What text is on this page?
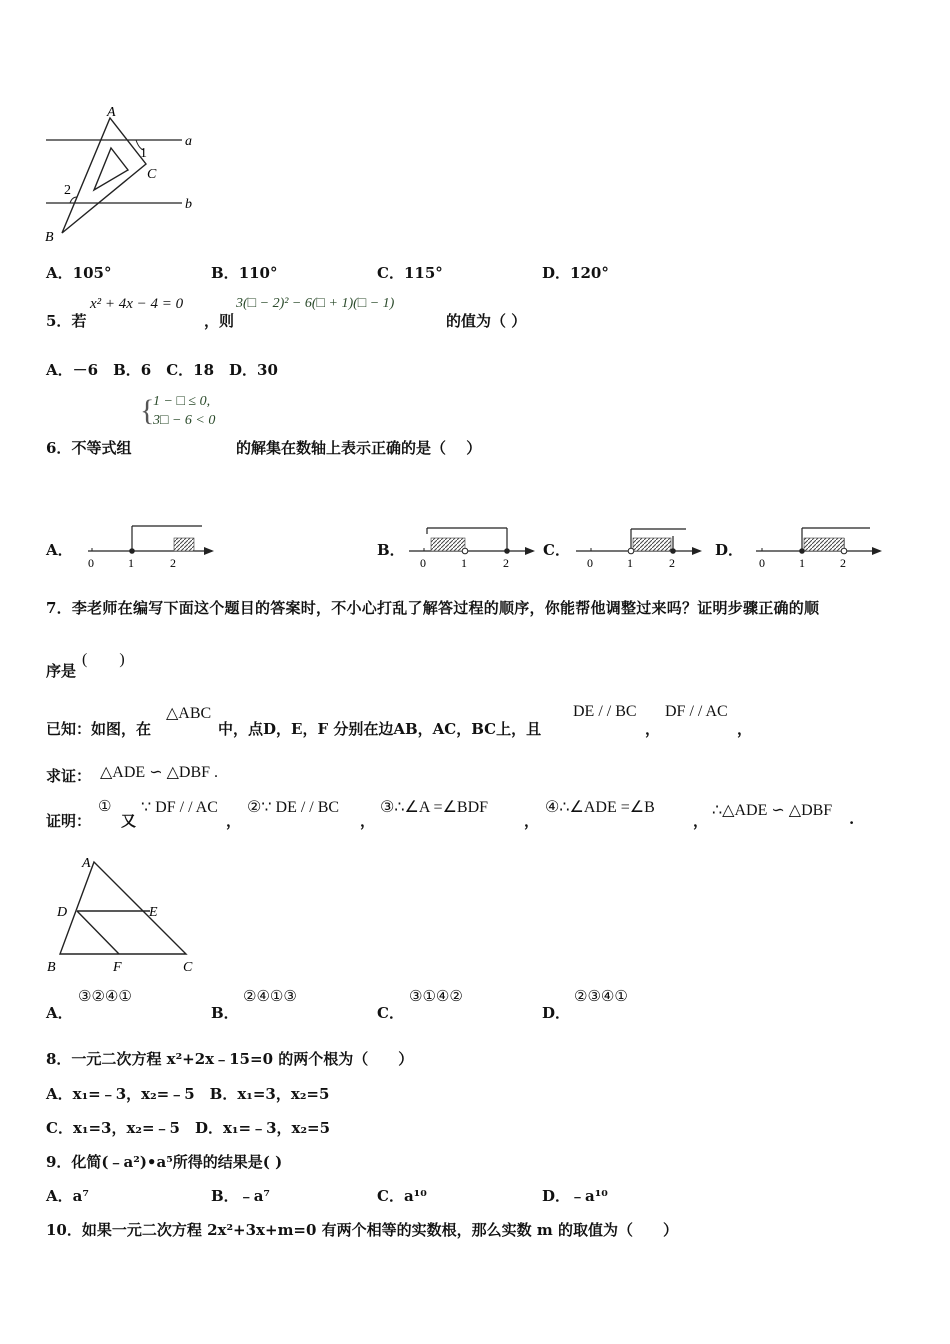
A
a
1
C
2
b
B
A．105°	B．110°	C．115°	D．120°
5．若
x² + 4x − 4 = 0
，则
3(□ − 2)² − 6(□ + 1)(□ − 1)
的值为（ ）
A．－6　B．6　C．18　D．30
{
1 − □ ≤ 0,
3□ − 6 < 0
6．不等式组	的解集在数轴上表示正确的是（　 ）
A．
0	1	2
B．
0	1	2
C．
0	1	2
D．
0	1	2
7．李老师在编写下面这个题目的答案时，不小心打乱了解答过程的顺序，你能帮他调整过来吗？证明步骤正确的顺
序是
(　　)
已知：如图，在
△ABC
中，点D，E，F 分别在边AB，AC，BC上，且
DE / / BC
，
DF / / AC
，
求证： △ADE ∽ △DBF .
证明：
①
又
∵ DF / / AC
，
②∵ DE / / BC
，
③∴∠A =∠BDF
，
④∴∠ADE =∠B
，
∴△ADE ∽ △DBF .
A
D	E
B	F	C
A．
③②④①
B．
②④①③
C．
③①④②
D．
②③④①
8．一元二次方程 x²+2x﹣15=0 的两个根为（　　）
A．x₁=﹣3，x₂=﹣5　B．x₁=3，x₂=5
C．x₁=3，x₂=﹣5　D．x₁=﹣3，x₂=5
9．化简(﹣a²)•a⁵所得的结果是( )
A．a⁷	B．﹣a⁷	C．a¹⁰	D．﹣a¹⁰
10．如果一元二次方程 2x²+3x+m=0 有两个相等的实数根，那么实数 m 的取值为（　　）
